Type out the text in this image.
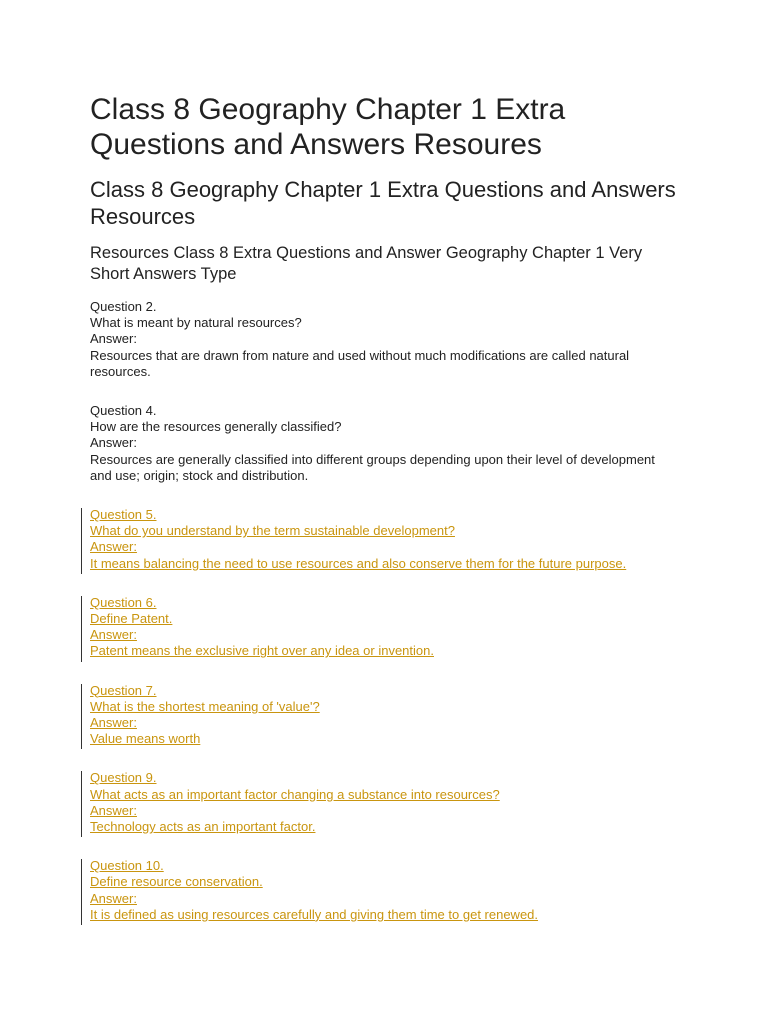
Class 8 Geography Chapter 1 Extra Questions and Answers Resoures
Class 8 Geography Chapter 1 Extra Questions and Answers Resources
Resources Class 8 Extra Questions and Answer Geography Chapter 1 Very Short Answers Type
Question 2.
What is meant by natural resources?
Answer:
Resources that are drawn from nature and used without much modifications are called natural resources.
Question 4.
How are the resources generally classified?
Answer:
Resources are generally classified into different groups depending upon their level of development and use; origin; stock and distribution.
Question 5.
What do you understand by the term sustainable development?
Answer:
It means balancing the need to use resources and also conserve them for the future purpose.
Question 6.
Define Patent.
Answer:
Patent means the exclusive right over any idea or invention.
Question 7.
What is the shortest meaning of 'value'?
Answer:
Value means worth
Question 9.
What acts as an important factor changing a substance into resources?
Answer:
Technology acts as an important factor.
Question 10.
Define resource conservation.
Answer:
It is defined as using resources carefully and giving them time to get renewed.
